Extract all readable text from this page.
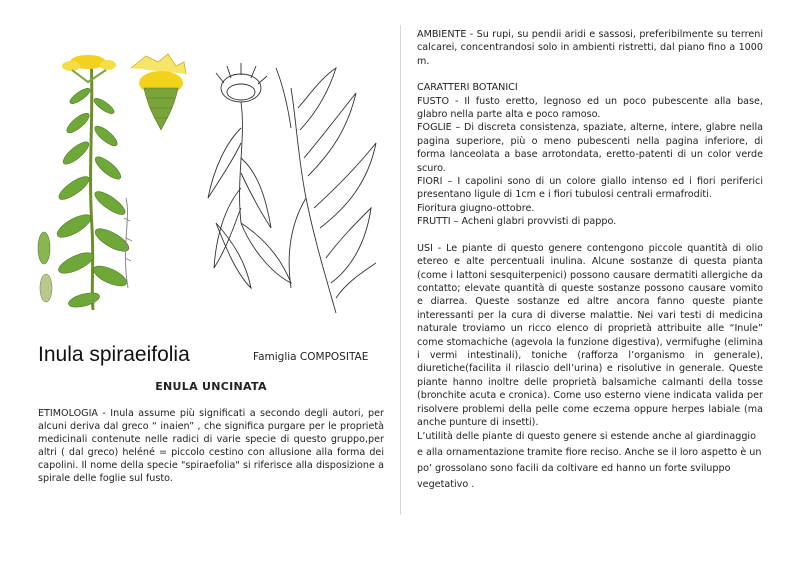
Inula spiraeifolia	Famiglia COMPOSITAE
ENULA UNCINATA
ETIMOLOGIA - Inula assume più significati a secondo degli autori, per alcuni deriva dal greco “ inaien” , che significa purgare per le proprietà medicinali contenute nelle radici di varie specie di questo gruppo,per altri ( dal greco) heléné = piccolo cestino con allusione alla forma dei capolini. Il nome della specie "spiraefolia" si riferisce alla disposizione a spirale delle foglie sul fusto.

AMBIENTE - Su rupi, su pendii aridi e sassosi, preferibilmente su terreni calcarei, concentrandosi solo in ambienti ristretti, dal piano fino a 1000 m.

CARATTERI BOTANICI

FUSTO - Il fusto eretto, legnoso ed un poco pubescente alla base, glabro nella parte alta e poco ramoso.

FOGLIE – Di discreta consistenza, spaziate, alterne, intere, glabre nella pagina superiore, più o meno pubescenti nella pagina inferiore, di forma lanceolata a base arrotondata, eretto-patenti di un color verde scuro.

FIORI – I capolini sono di un colore giallo intenso ed i fiori periferici presentano ligule di 1cm e i fiori tubulosi centrali ermafroditi.

Fioritura giugno-ottobre.

FRUTTI – Acheni glabri provvisti di pappo.

USI - Le piante di questo genere contengono piccole quantità di olio etereo e alte percentuali inulina. Alcune sostanze di questa pianta (come i lattoni sesquiterpenici) possono causare dermatiti allergiche da contatto; elevate quantità di queste sostanze possono causare vomito e diarrea. Queste sostanze ed altre ancora fanno queste piante interessanti per la cura di diverse malattie. Nei vari testi di medicina naturale troviamo un ricco elenco di proprietà attribuite alle “Inule” come stomachiche (agevola la funzione digestiva), vermifughe (elimina i vermi intestinali), toniche (rafforza l’organismo in generale), diuretiche(facilita il rilascio dell’urina) e risolutive in generale. Queste piante hanno inoltre delle proprietà balsamiche calmanti della tosse (bronchite acuta e cronica). Come uso esterno viene indicata valida per risolvere problemi della pelle come eczema oppure herpes labiale (ma anche punture di insetti).

L’utilità delle piante di questo genere si estende anche al giardinaggio e alla ornamentazione tramite fiore reciso. Anche se il loro aspetto è un po’ grossolano sono facili da coltivare ed hanno un forte sviluppo vegetativo .
